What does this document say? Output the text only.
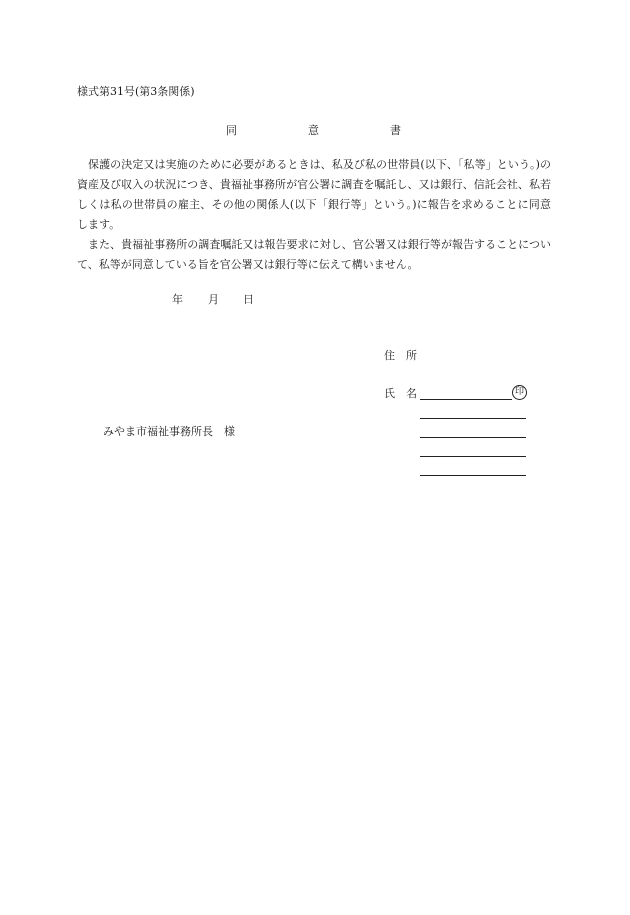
様式第31号(第3条関係)
同	意	書
保護の決定又は実施のために必要があるときは、私及び私の世帯員(以下、「私等」という。)の資産及び収入の状況につき、貴福祉事務所が官公署に調査を嘱託し、又は銀行、信託会社、私若しくは私の世帯員の雇主、その他の関係人(以下「銀行等」という。)に報告を求めることに同意します。
また、貴福祉事務所の調査嘱託又は報告要求に対し、官公署又は銀行等が報告することについて、私等が同意している旨を官公署又は銀行等に伝えて構いません。
年 月 日
住　所
氏　名	印
みやま市福祉事務所長　様
